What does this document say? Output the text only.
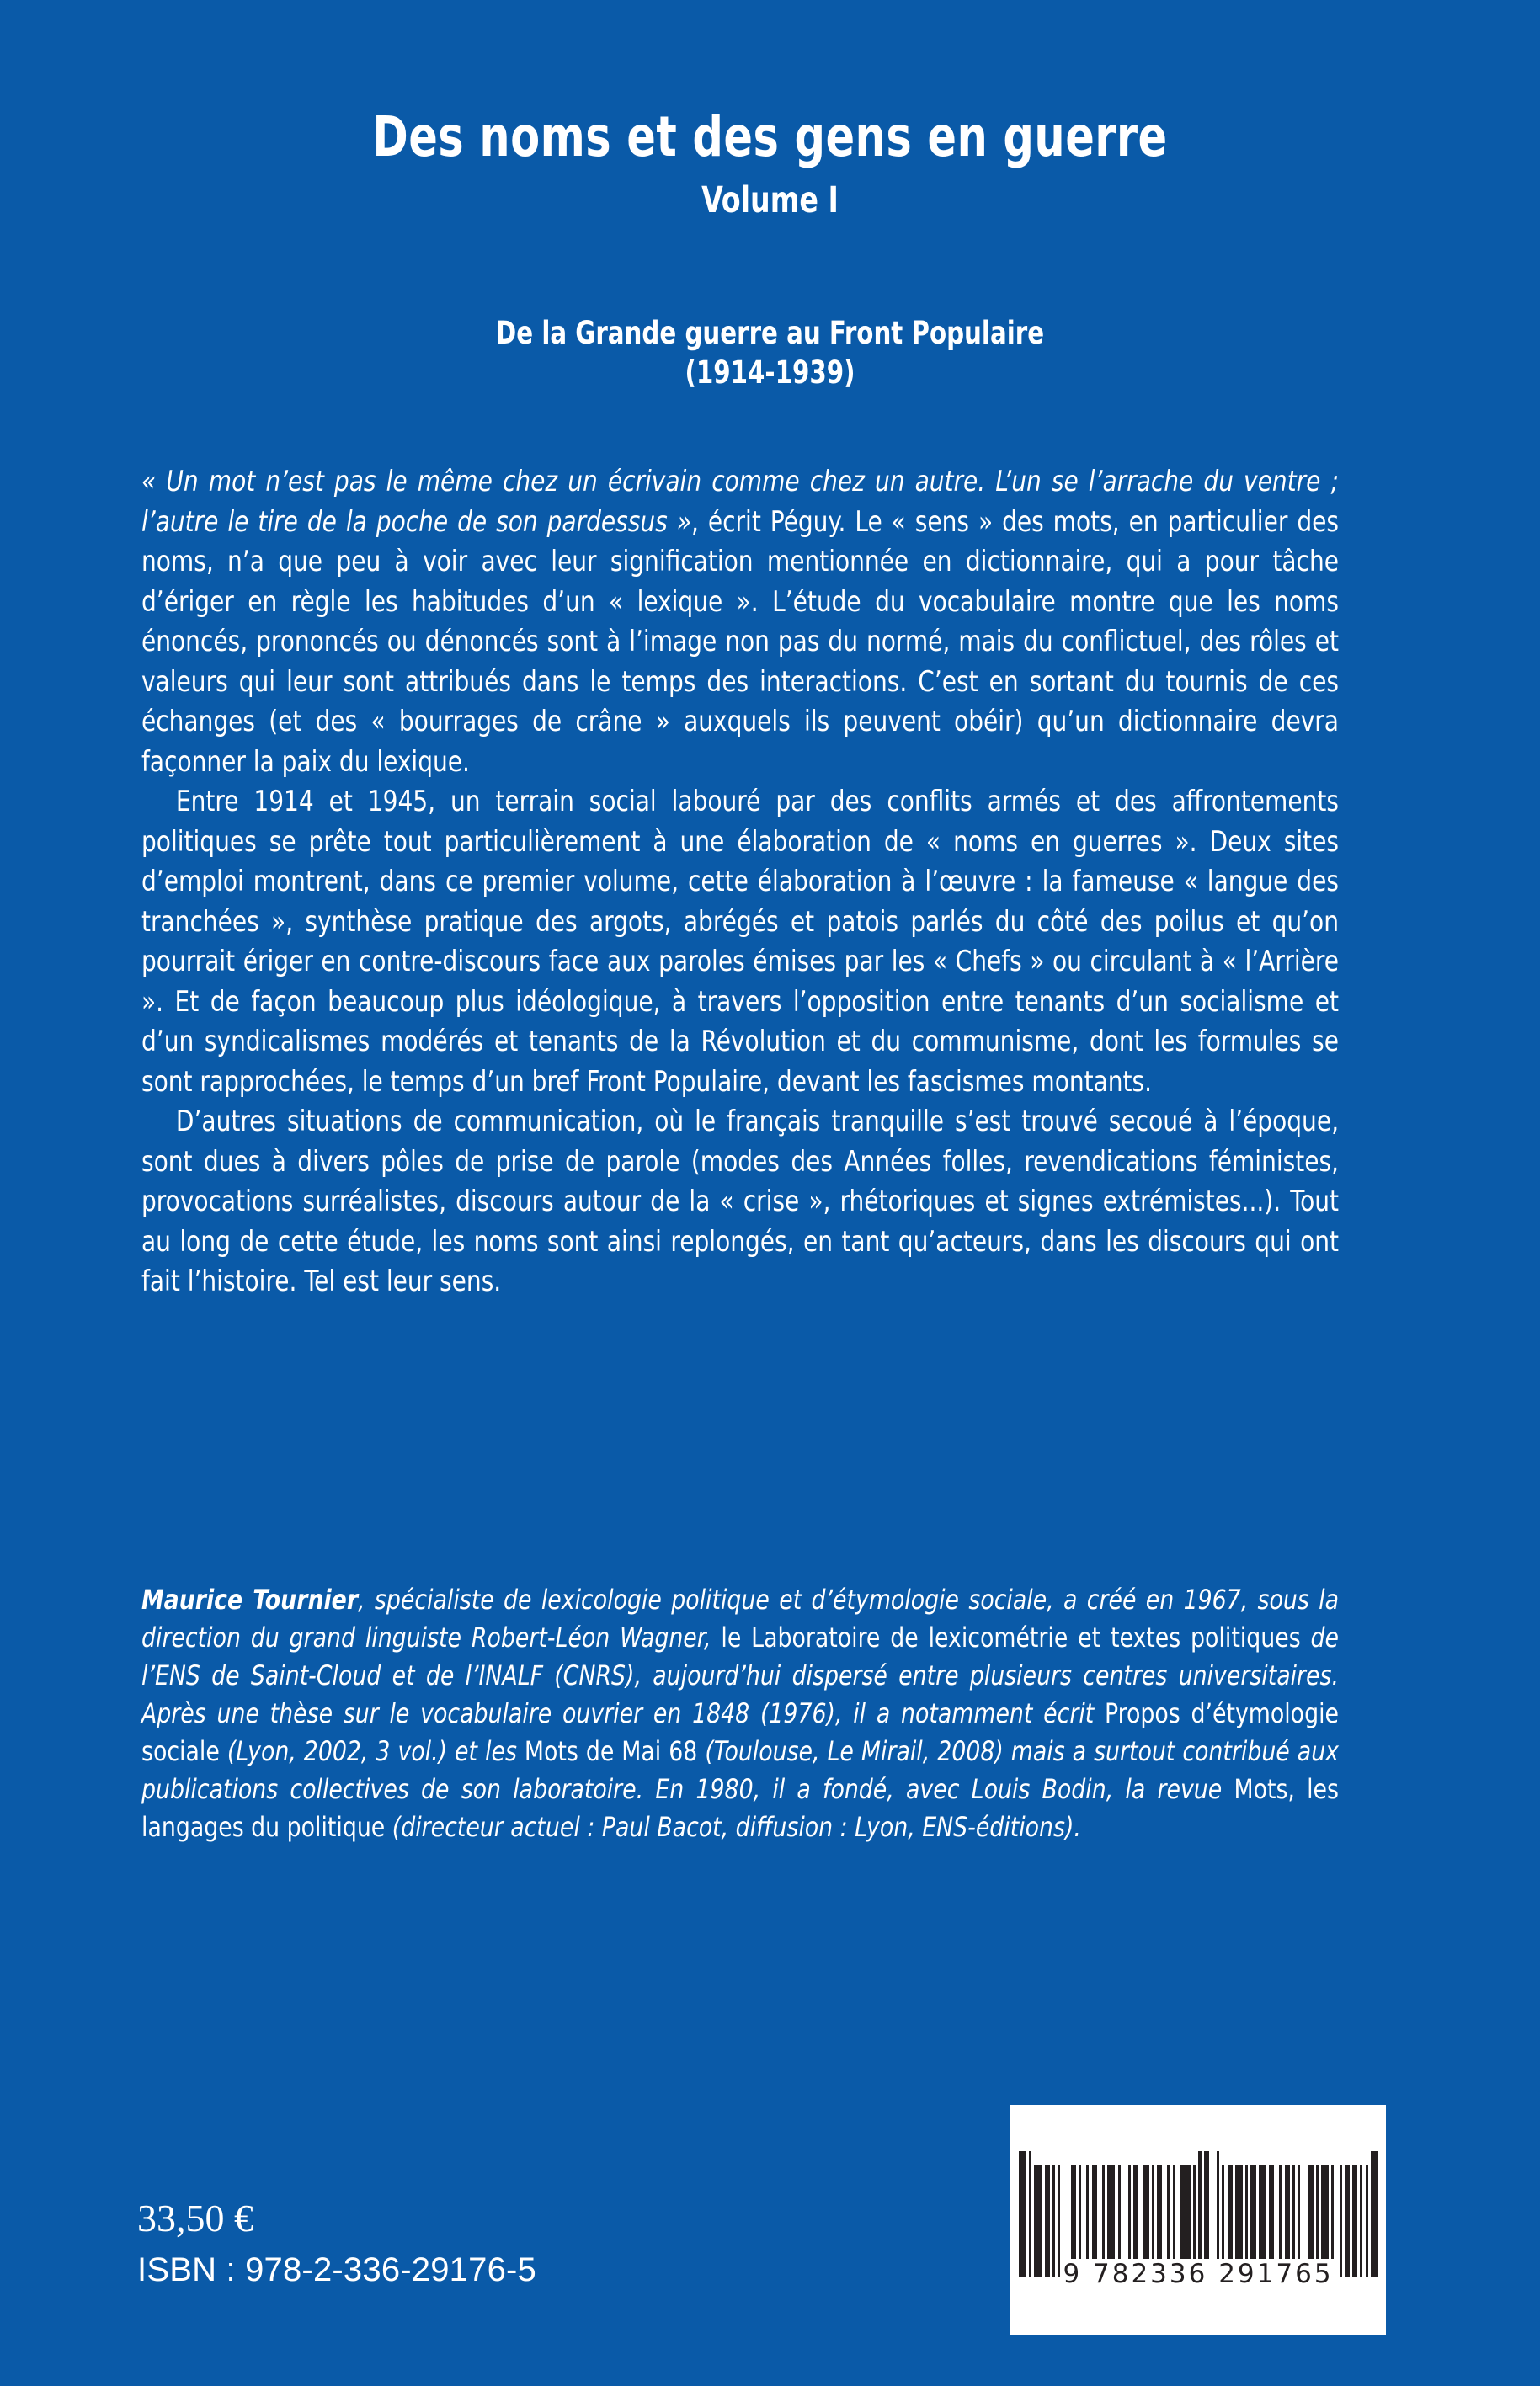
Des noms et des gens en guerre
Volume I
De la Grande guerre au Front Populaire
(1914-1939)

« Un mot n’est pas le même chez un écrivain comme chez un autre. L’un se l’arrache du ventre ; l’autre le tire de la poche de son pardessus », écrit Péguy. Le « sens » des mots, en particulier des noms, n’a que peu à voir avec leur signification mentionnée en dictionnaire, qui a pour tâche d’ériger en règle les habitudes d’un « lexique ». L’étude du vocabulaire montre que les noms énoncés, prononcés ou dénoncés sont à l’image non pas du normé, mais du conflictuel, des rôles et valeurs qui leur sont attribués dans le temps des interactions. C’est en sortant du tournis de ces échanges (et des « bourrages de crâne » auxquels ils peuvent obéir) qu’un dictionnaire devra façonner la paix du lexique.

Entre 1914 et 1945, un terrain social labouré par des conflits armés et des affrontements politiques se prête tout particulièrement à une élaboration de « noms en guerres ». Deux sites d’emploi montrent, dans ce premier volume, cette élaboration à l’œuvre : la fameuse « langue des tranchées », synthèse pratique des argots, abrégés et patois parlés du côté des poilus et qu’on pourrait ériger en contre-discours face aux paroles émises par les « Chefs » ou circulant à « l’Arrière ». Et de façon beaucoup plus idéologique, à travers l’opposition entre tenants d’un socialisme et d’un syndicalismes modérés et tenants de la Révolution et du communisme, dont les formules se sont rapprochées, le temps d’un bref Front Populaire, devant les fascismes montants.

D’autres situations de communication, où le français tranquille s’est trouvé secoué à l’époque, sont dues à divers pôles de prise de parole (modes des Années folles, revendications féministes, provocations surréalistes, discours autour de la « crise », rhétoriques et signes extrémistes...). Tout au long de cette étude, les noms sont ainsi replongés, en tant qu’acteurs, dans les discours qui ont fait l’histoire. Tel est leur sens.

Maurice Tournier, spécialiste de lexicologie politique et d’étymologie sociale, a créé en 1967, sous la direction du grand linguiste Robert-Léon Wagner, le Laboratoire de lexicométrie et textes politiques de l’ENS de Saint-Cloud et de l’INALF (CNRS), aujourd’hui dispersé entre plusieurs centres universitaires. Après une thèse sur le vocabulaire ouvrier en 1848 (1976), il a notamment écrit Propos d’étymologie sociale (Lyon, 2002, 3 vol.) et les Mots de Mai 68 (Toulouse, Le Mirail, 2008) mais a surtout contribué aux publications collectives de son laboratoire. En 1980, il a fondé, avec Louis Bodin, la revue Mots, les langages du politique (directeur actuel : Paul Bacot, diffusion : Lyon, ENS-éditions).

33,50 €
ISBN : 978-2-336-29176-5	9 782336 291765
